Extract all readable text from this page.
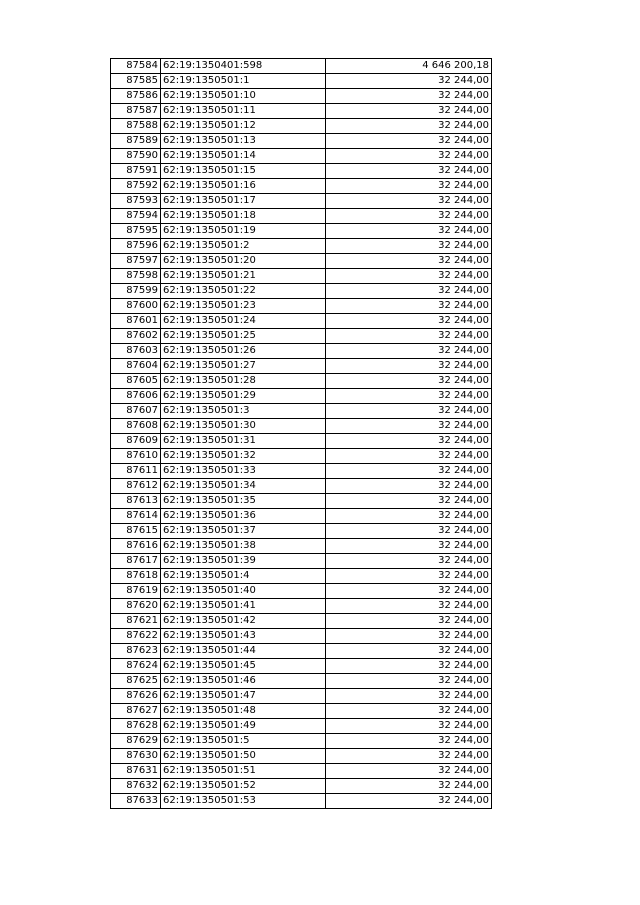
87584	62:19:1350401:598	4 646 200,18
87585	62:19:1350501:1	32 244,00
87586	62:19:1350501:10	32 244,00
87587	62:19:1350501:11	32 244,00
87588	62:19:1350501:12	32 244,00
87589	62:19:1350501:13	32 244,00
87590	62:19:1350501:14	32 244,00
87591	62:19:1350501:15	32 244,00
87592	62:19:1350501:16	32 244,00
87593	62:19:1350501:17	32 244,00
87594	62:19:1350501:18	32 244,00
87595	62:19:1350501:19	32 244,00
87596	62:19:1350501:2	32 244,00
87597	62:19:1350501:20	32 244,00
87598	62:19:1350501:21	32 244,00
87599	62:19:1350501:22	32 244,00
87600	62:19:1350501:23	32 244,00
87601	62:19:1350501:24	32 244,00
87602	62:19:1350501:25	32 244,00
87603	62:19:1350501:26	32 244,00
87604	62:19:1350501:27	32 244,00
87605	62:19:1350501:28	32 244,00
87606	62:19:1350501:29	32 244,00
87607	62:19:1350501:3	32 244,00
87608	62:19:1350501:30	32 244,00
87609	62:19:1350501:31	32 244,00
87610	62:19:1350501:32	32 244,00
87611	62:19:1350501:33	32 244,00
87612	62:19:1350501:34	32 244,00
87613	62:19:1350501:35	32 244,00
87614	62:19:1350501:36	32 244,00
87615	62:19:1350501:37	32 244,00
87616	62:19:1350501:38	32 244,00
87617	62:19:1350501:39	32 244,00
87618	62:19:1350501:4	32 244,00
87619	62:19:1350501:40	32 244,00
87620	62:19:1350501:41	32 244,00
87621	62:19:1350501:42	32 244,00
87622	62:19:1350501:43	32 244,00
87623	62:19:1350501:44	32 244,00
87624	62:19:1350501:45	32 244,00
87625	62:19:1350501:46	32 244,00
87626	62:19:1350501:47	32 244,00
87627	62:19:1350501:48	32 244,00
87628	62:19:1350501:49	32 244,00
87629	62:19:1350501:5	32 244,00
87630	62:19:1350501:50	32 244,00
87631	62:19:1350501:51	32 244,00
87632	62:19:1350501:52	32 244,00
87633	62:19:1350501:53	32 244,00
